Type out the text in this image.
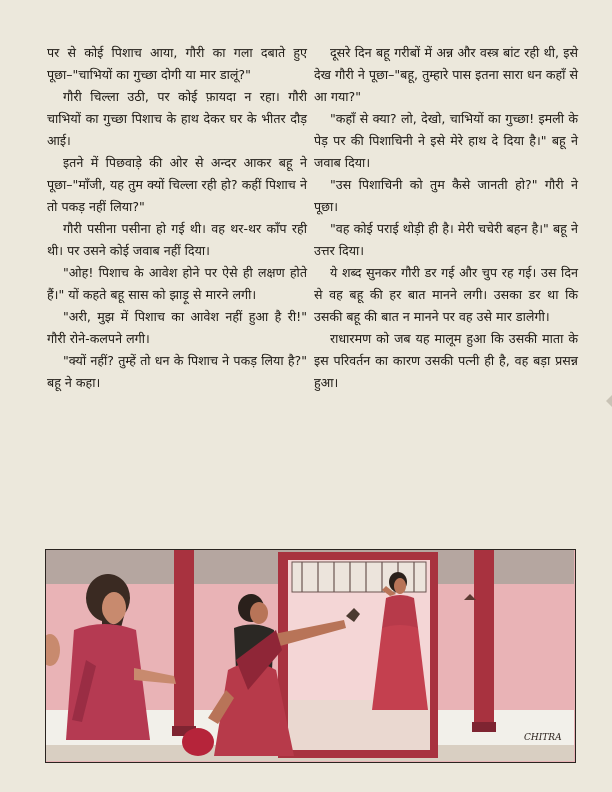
पर से कोई पिशाच आया, गौरी का गला दबाते हुए पूछा–"चाभियों का गुच्छा दोगी या मार डालूं?"

गौरी चिल्ला उठी, पर कोई फ़ायदा न रहा। गौरी चाभियों का गुच्छा पिशाच के हाथ देकर घर के भीतर दौड़ आई।

इतने में पिछवाड़े की ओर से अन्दर आकर बहू ने पूछा–"माँजी, यह तुम क्यों चिल्ला रही हो? कहीं पिशाच ने तो पकड़ नहीं लिया?"

गौरी पसीना पसीना हो गई थी। वह थर-थर काँप रही थी। पर उसने कोई जवाब नहीं दिया।

"ओह! पिशाच के आवेश होने पर ऐसे ही लक्षण होते हैं।" यों कहते बहू सास को झाड़ू से मारने लगी।

"अरी, मुझ में पिशाच का आवेश नहीं हुआ है री!" गौरी रोने-कलपने लगी।

"क्यों नहीं? तुम्हें तो धन के पिशाच ने पकड़ लिया है?" बहू ने कहा।

दूसरे दिन बहू गरीबों में अन्न और वस्त्र बांट रही थी, इसे देख गौरी ने पूछा–"बहू, तुम्हारे पास इतना सारा धन कहाँ से आ गया?"

"कहाँ से क्या? लो, देखो, चाभियों का गुच्छा! इमली के पेड़ पर की पिशाचिनी ने इसे मेरे हाथ दे दिया है।" बहू ने जवाब दिया।

"उस पिशाचिनी को तुम कैसे जानती हो?" गौरी ने पूछा।

"वह कोई पराई थोड़ी ही है। मेरी चचेरी बहन है।" बहू ने उत्तर दिया।

ये शब्द सुनकर गौरी डर गई और चुप रह गई। उस दिन से वह बहू की हर बात मानने लगी। उसका डर था कि उसकी बहू की बात न मानने पर वह उसे मार डालेगी।

राधारमण को जब यह मालूम हुआ कि उसकी माता के इस परिवर्तन का कारण उसकी पत्नी ही है, वह बड़ा प्रसन्न हुआ।

CHITRA
